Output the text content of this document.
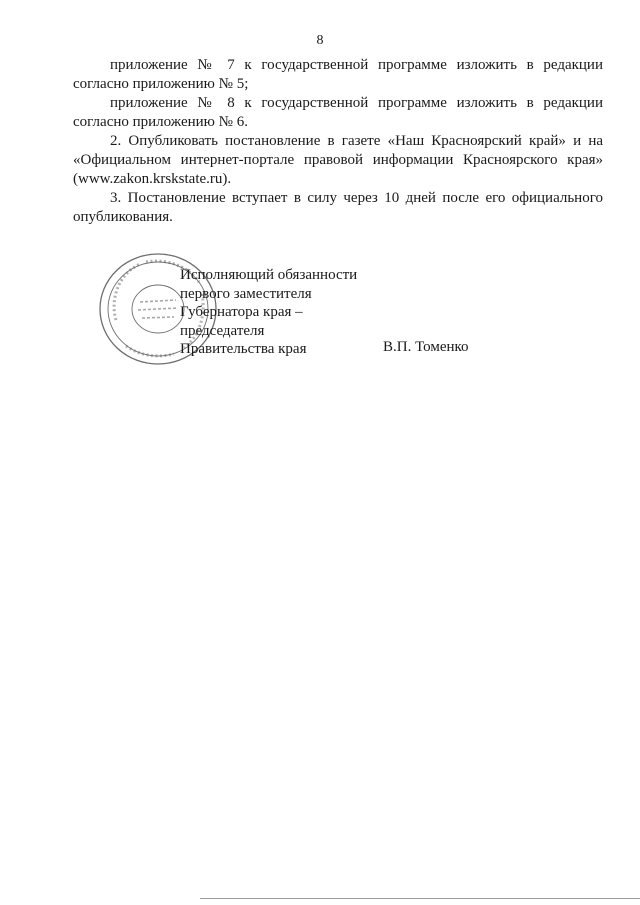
8

приложение № 7 к государственной программе изложить в редакции согласно приложению № 5;

приложение № 8 к государственной программе изложить в редакции согласно приложению № 6.

2. Опубликовать постановление в газете «Наш Красноярский край» и на «Официальном интернет-портале правовой информации Красноярского края» (www.zakon.krskstate.ru).

3. Постановление вступает в силу через 10 дней после его официального опубликования.

Исполняющий обязанности
первого заместителя
Губернатора края –
председателя
Правительства края	В.П. Томенко
